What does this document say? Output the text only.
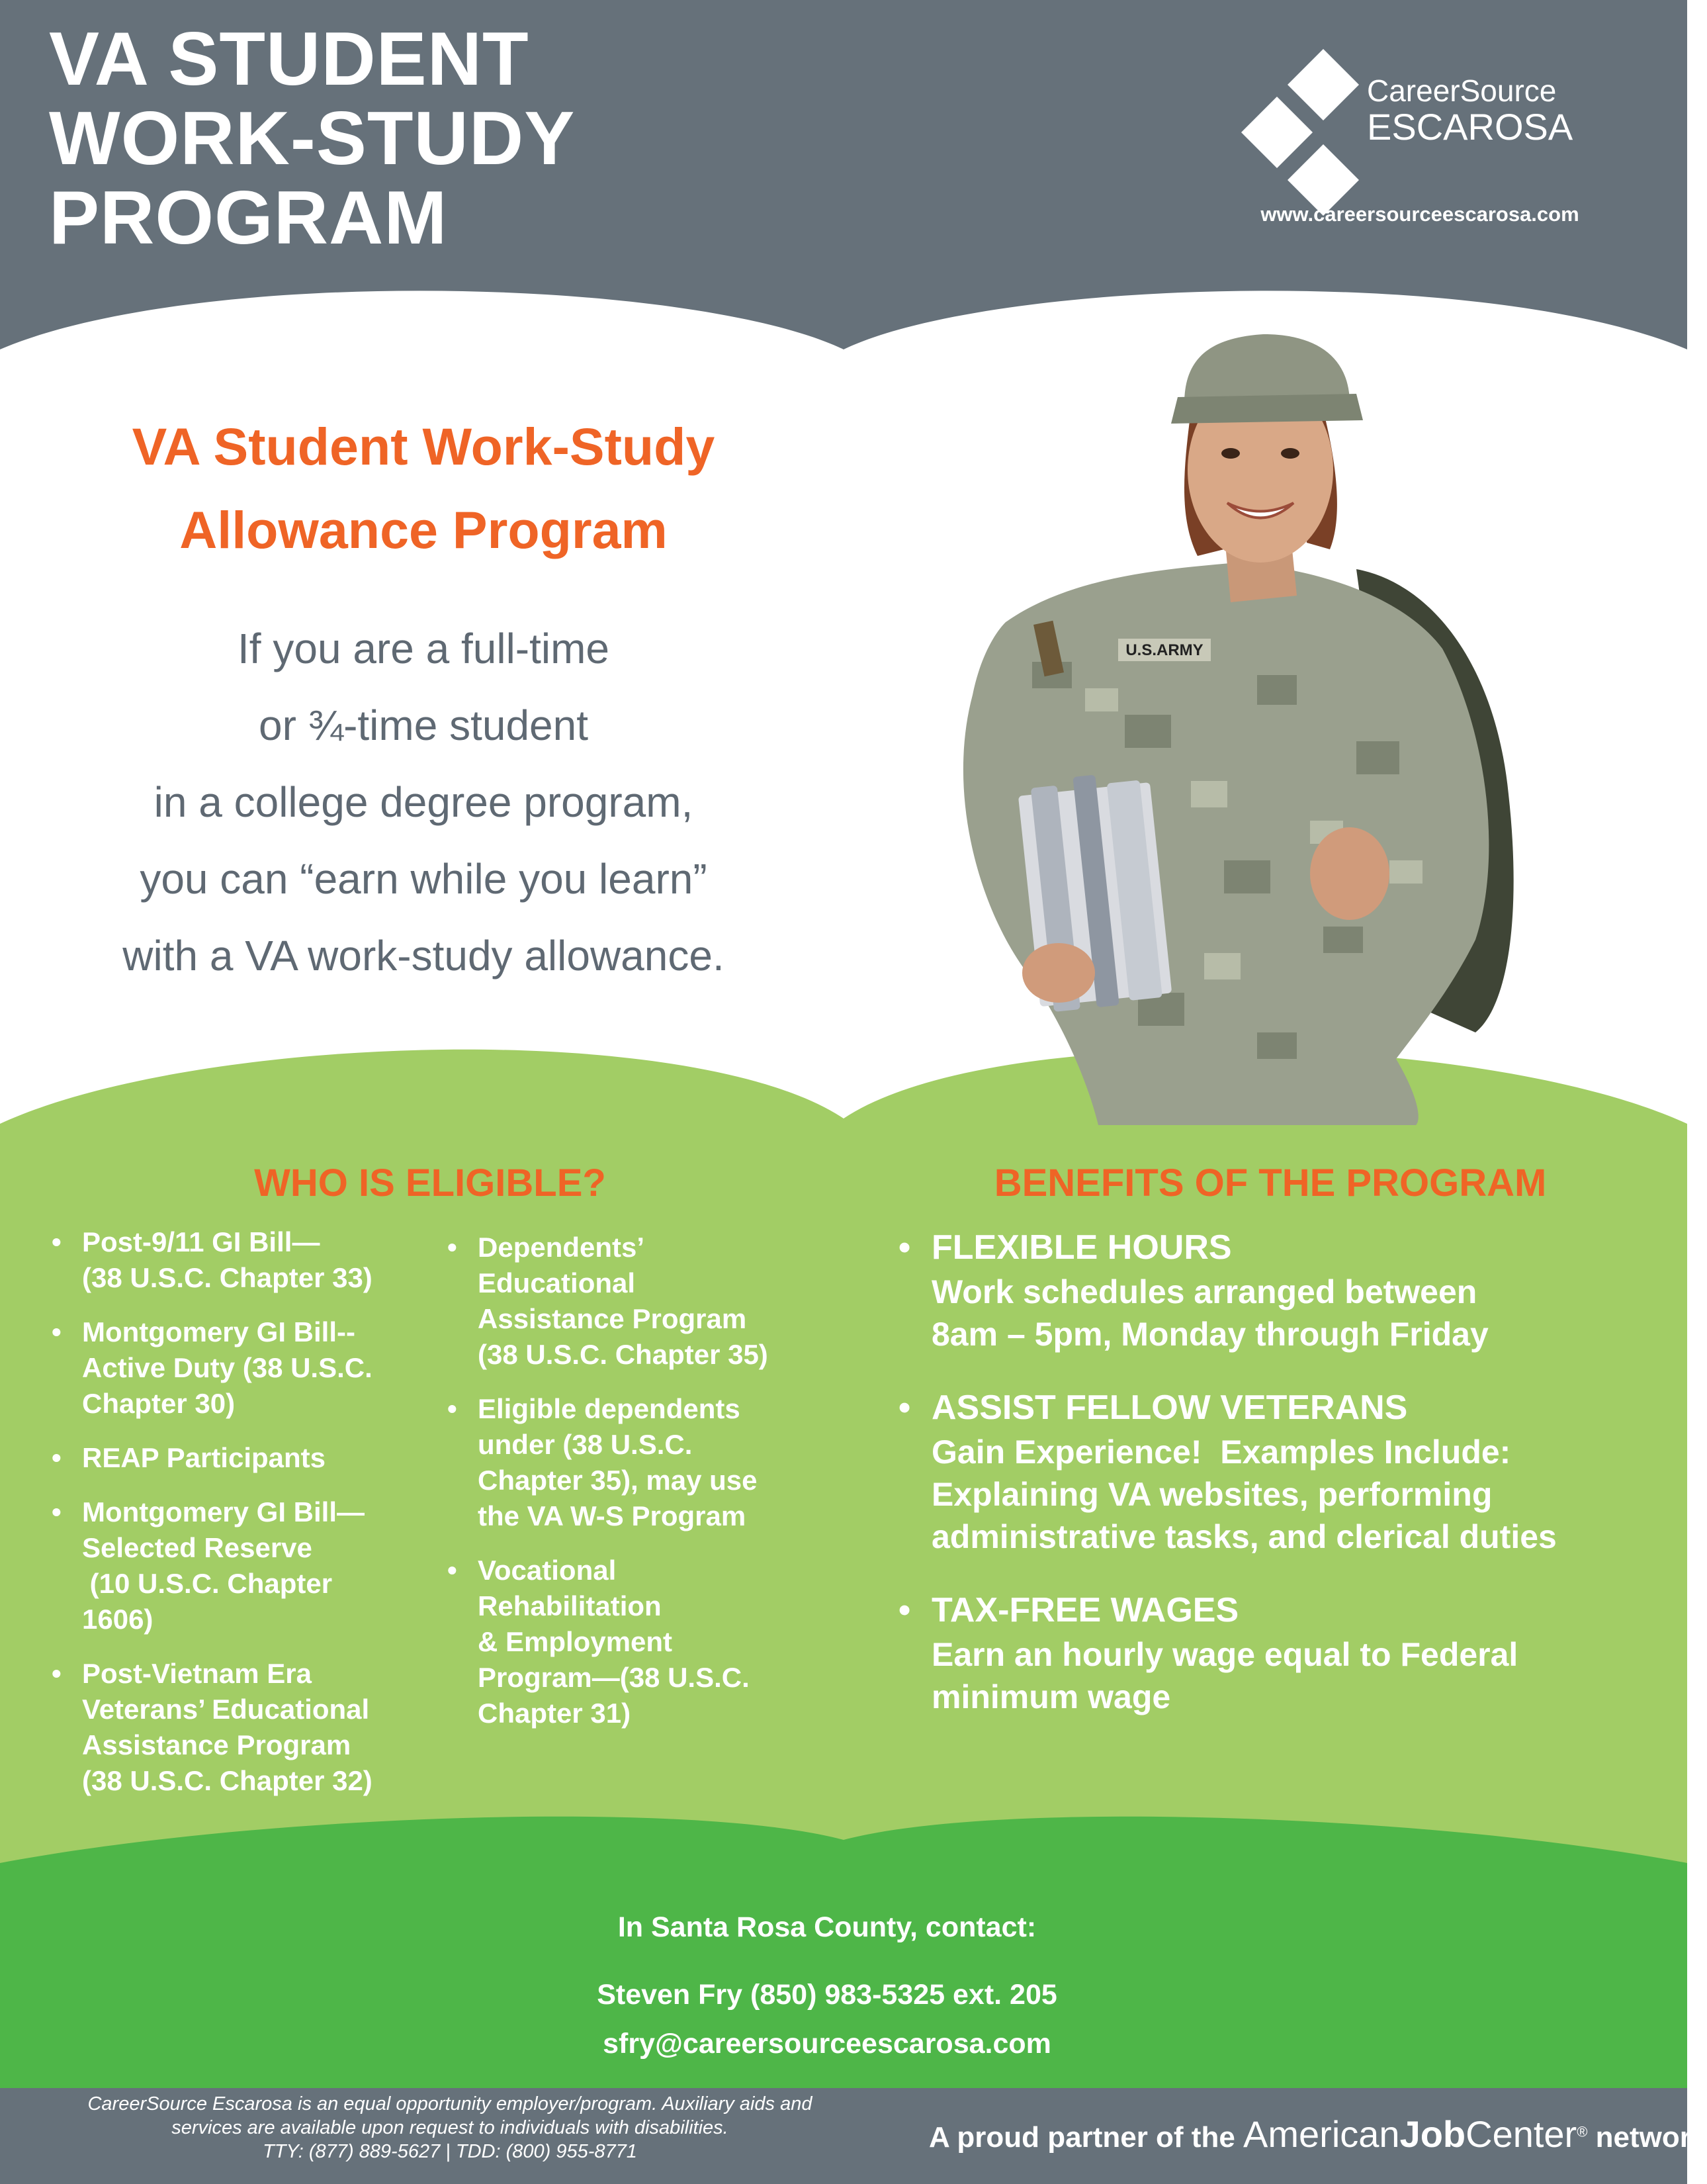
U.S.ARMY
VA STUDENT
WORK-STUDY
PROGRAM
CareerSource
ESCAROSA
www.careersourceescarosa.com
VA Student Work-Study
Allowance Program
If you are a full-time
or ¾-time student
in a college degree program,
you can “earn while you learn”
with a VA work-study allowance.
WHO IS ELIGIBLE?	BENEFITS OF THE PROGRAM
• Post-9/11 GI Bill—
(38 U.S.C. Chapter 33)
• Montgomery GI Bill--
Active Duty (38 U.S.C.
Chapter 30)
• REAP Participants
• Montgomery GI Bill—
Selected Reserve
(10 U.S.C. Chapter
1606)
• Post-Vietnam Era
Veterans’ Educational
Assistance Program
(38 U.S.C. Chapter 32)
• Dependents’
Educational
Assistance Program
(38 U.S.C. Chapter 35)
• Eligible dependents
under (38 U.S.C.
Chapter 35), may use
the VA W-S Program
• Vocational
Rehabilitation
& Employment
Program—(38 U.S.C.
Chapter 31)
• FLEXIBLE HOURS
Work schedules arranged between
8am – 5pm, Monday through Friday
• ASSIST FELLOW VETERANS
Gain Experience!  Examples Include:
Explaining VA websites, performing
administrative tasks, and clerical duties
• TAX-FREE WAGES
Earn an hourly wage equal to Federal
minimum wage
In Santa Rosa County, contact:
Steven Fry (850) 983-5325 ext. 205
sfry@careersourceescarosa.com
CareerSource Escarosa is an equal opportunity employer/program. Auxiliary aids and
services are available upon request to individuals with disabilities.
TTY: (877) 889-5627 | TDD: (800) 955-8771	A proud partner of the AmericanJobCenter® network
